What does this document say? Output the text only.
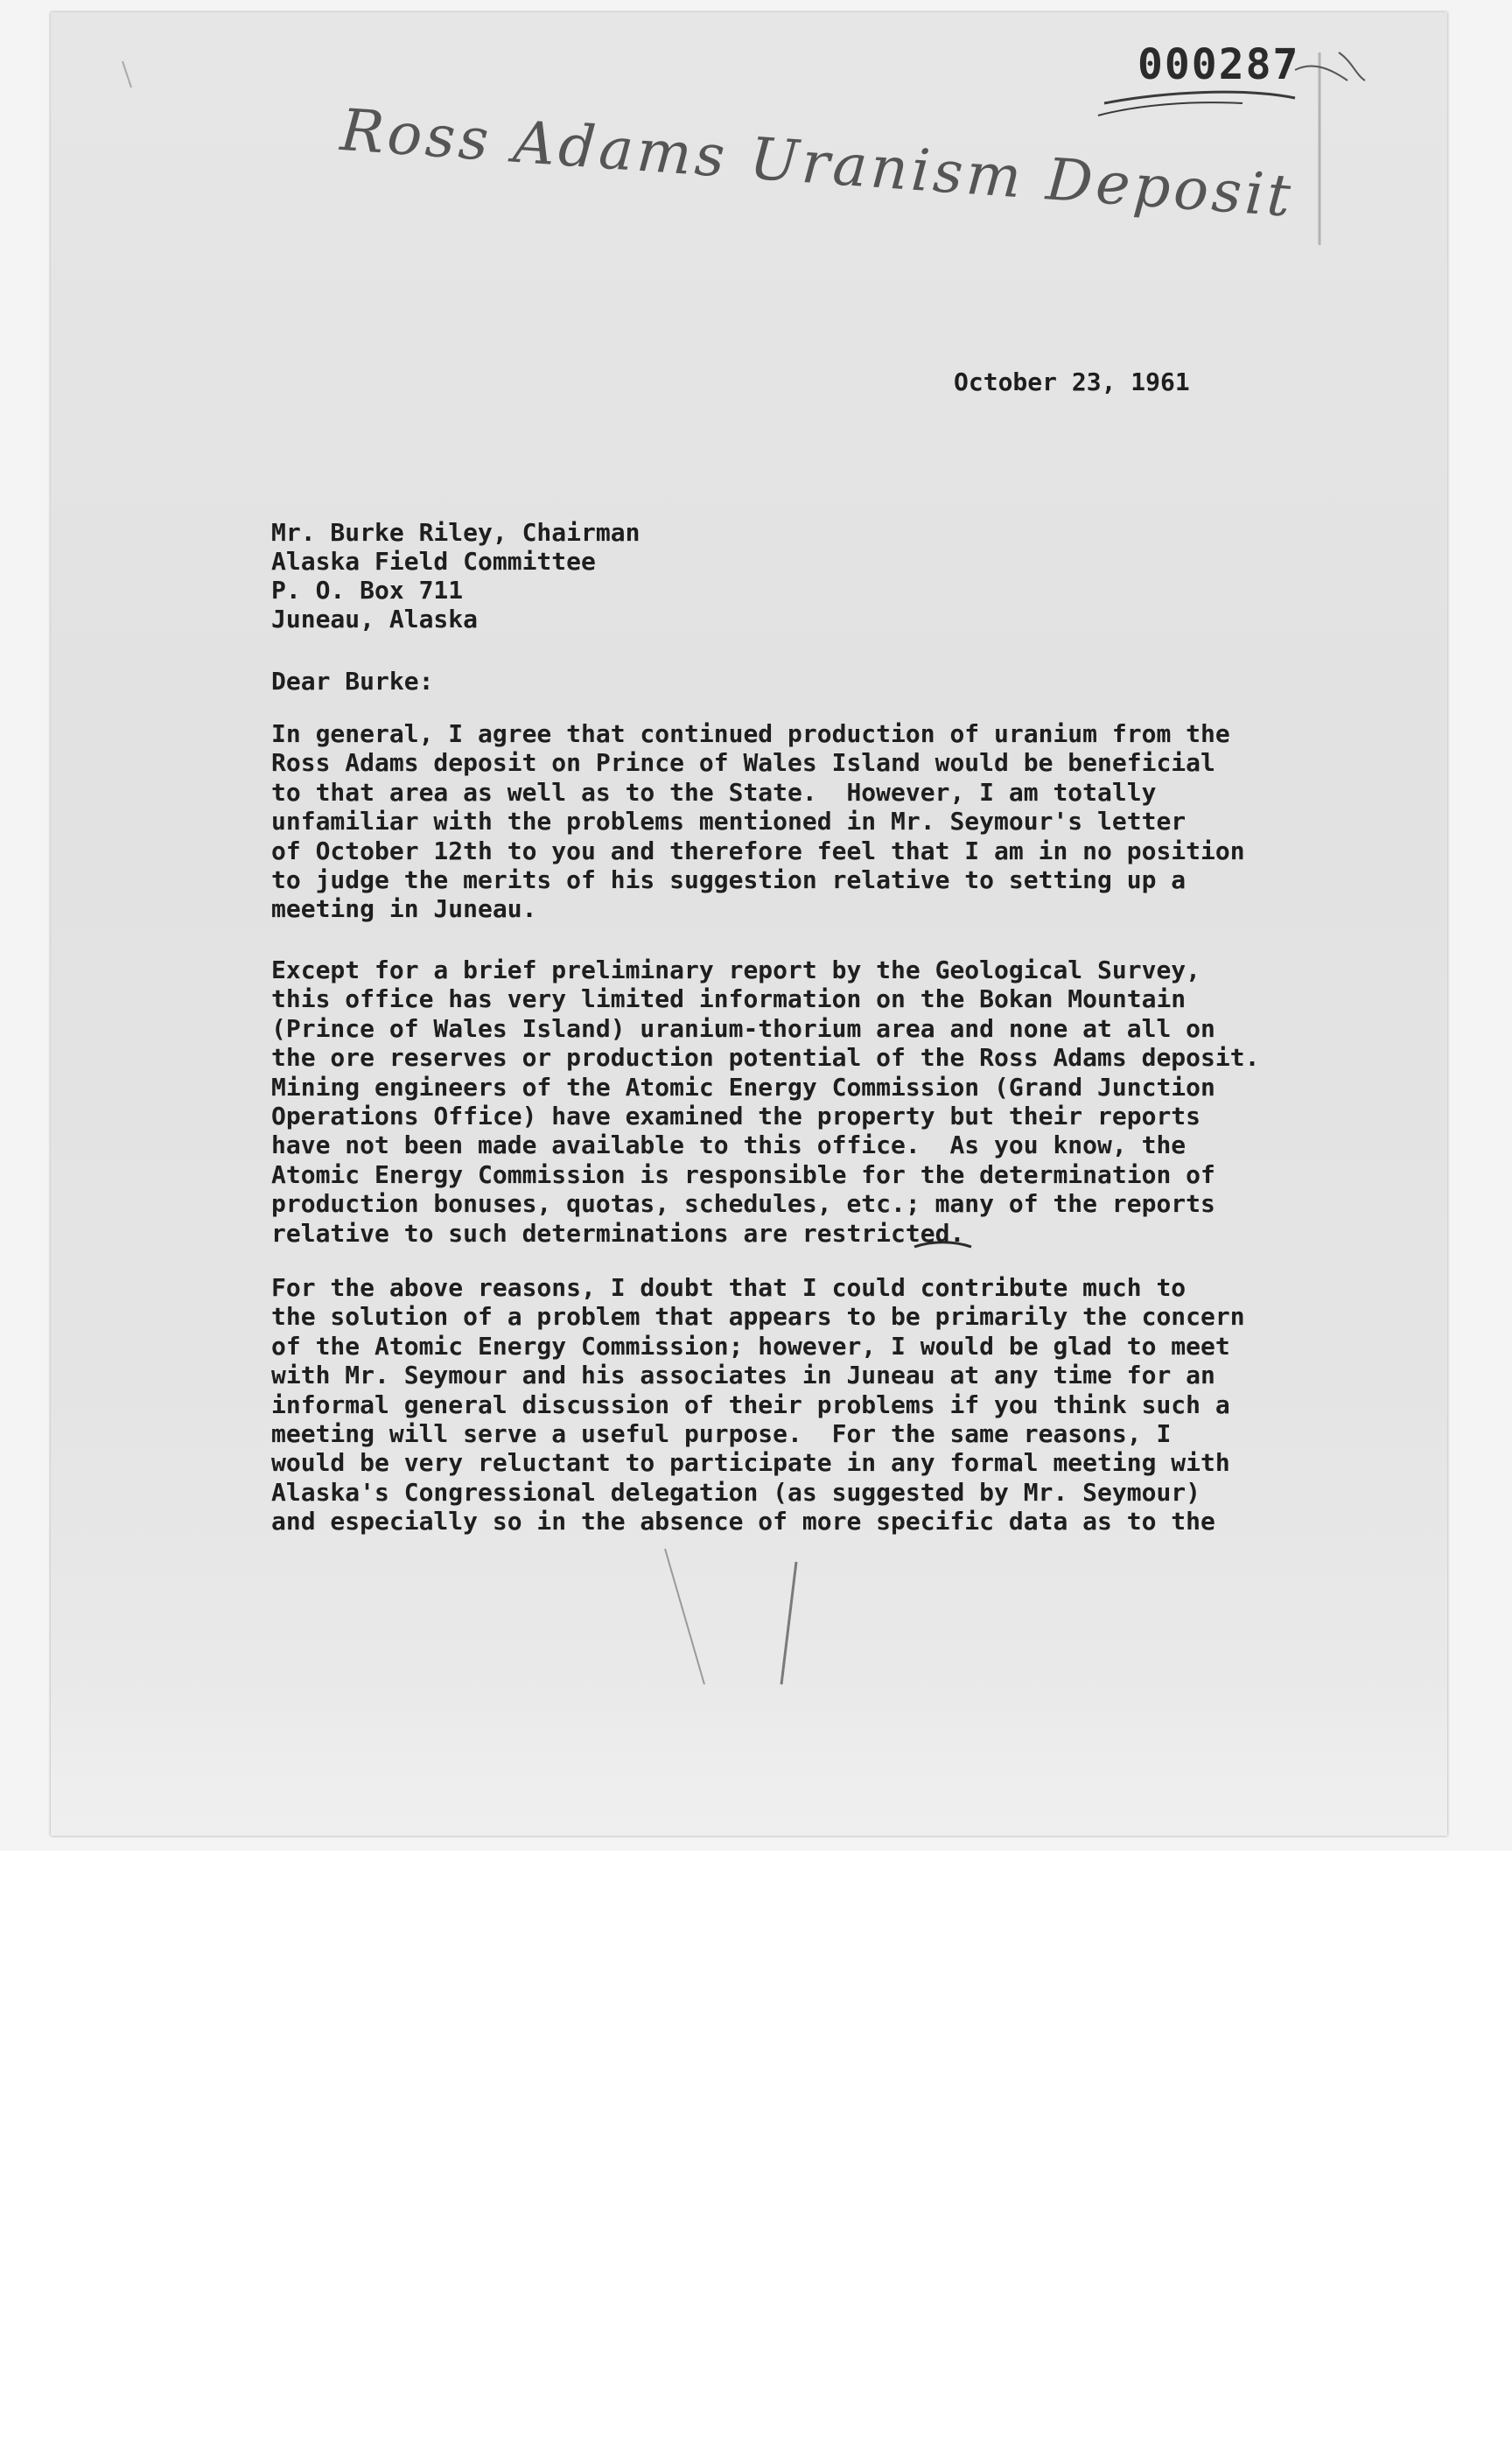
000287
Ross Adams Uranism Deposit
October 23, 1961
Mr. Burke Riley, Chairman
Alaska Field Committee
P. O. Box 711
Juneau, Alaska
Dear Burke:
In general, I agree that continued production of uranium from the
Ross Adams deposit on Prince of Wales Island would be beneficial
to that area as well as to the State.  However, I am totally
unfamiliar with the problems mentioned in Mr. Seymour's letter
of October 12th to you and therefore feel that I am in no position
to judge the merits of his suggestion relative to setting up a
meeting in Juneau.
Except for a brief preliminary report by the Geological Survey,
this office has very limited information on the Bokan Mountain
(Prince of Wales Island) uranium-thorium area and none at all on
the ore reserves or production potential of the Ross Adams deposit.
Mining engineers of the Atomic Energy Commission (Grand Junction
Operations Office) have examined the property but their reports
have not been made available to this office.  As you know, the
Atomic Energy Commission is responsible for the determination of
production bonuses, quotas, schedules, etc.; many of the reports
relative to such determinations are restricted.
For the above reasons, I doubt that I could contribute much to
the solution of a problem that appears to be primarily the concern
of the Atomic Energy Commission; however, I would be glad to meet
with Mr. Seymour and his associates in Juneau at any time for an
informal general discussion of their problems if you think such a
meeting will serve a useful purpose.  For the same reasons, I
would be very reluctant to participate in any formal meeting with
Alaska's Congressional delegation (as suggested by Mr. Seymour)
and especially so in the absence of more specific data as to the
